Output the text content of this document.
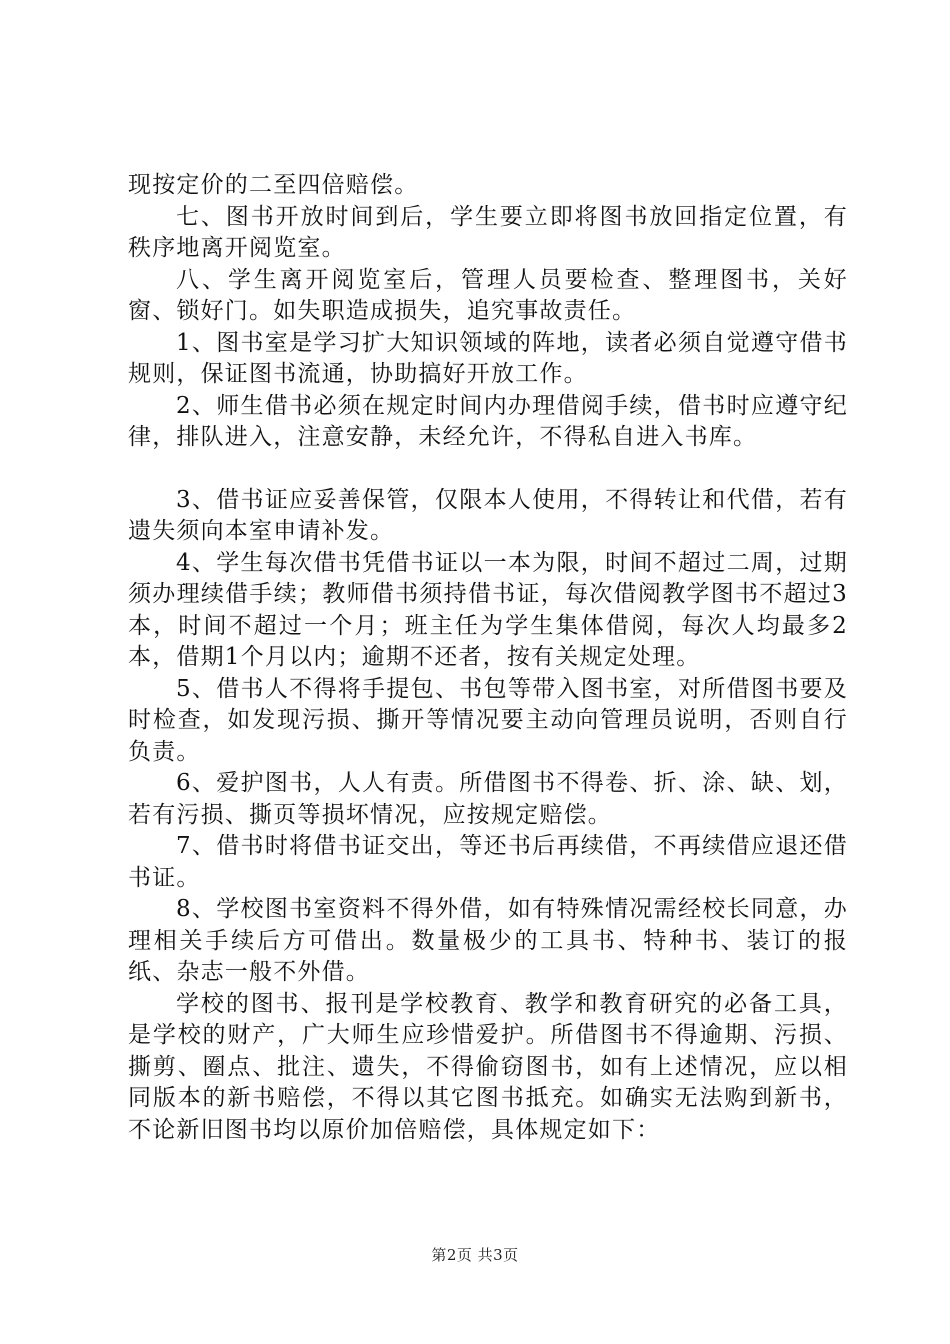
现按定价的二至四倍赔偿。

七、图书开放时间到后，学生要立即将图书放回指定位置，有秩序地离开阅览室。

八、学生离开阅览室后，管理人员要检查、整理图书，关好窗、锁好门。如失职造成损失，追究事故责任。

1、图书室是学习扩大知识领域的阵地，读者必须自觉遵守借书规则，保证图书流通，协助搞好开放工作。

2、师生借书必须在规定时间内办理借阅手续，借书时应遵守纪律，排队进入，注意安静，未经允许，不得私自进入书库。

3、借书证应妥善保管，仅限本人使用，不得转让和代借，若有遗失须向本室申请补发。

4、学生每次借书凭借书证以一本为限，时间不超过二周，过期须办理续借手续；教师借书须持借书证，每次借阅教学图书不超过3本，时间不超过一个月；班主任为学生集体借阅，每次人均最多2本，借期1个月以内；逾期不还者，按有关规定处理。

5、借书人不得将手提包、书包等带入图书室，对所借图书要及时检查，如发现污损、撕开等情况要主动向管理员说明，否则自行负责。

6、爱护图书，人人有责。所借图书不得卷、折、涂、缺、划，若有污损、撕页等损坏情况，应按规定赔偿。

7、借书时将借书证交出，等还书后再续借，不再续借应退还借书证。

8、学校图书室资料不得外借，如有特殊情况需经校长同意，办理相关手续后方可借出。数量极少的工具书、特种书、装订的报纸、杂志一般不外借。

学校的图书、报刊是学校教育、教学和教育研究的必备工具，是学校的财产，广大师生应珍惜爱护。所借图书不得逾期、污损、撕剪、圈点、批注、遗失，不得偷窃图书，如有上述情况，应以相同版本的新书赔偿，不得以其它图书抵充。如确实无法购到新书，不论新旧图书均以原价加倍赔偿，具体规定如下：

第2页 共3页
